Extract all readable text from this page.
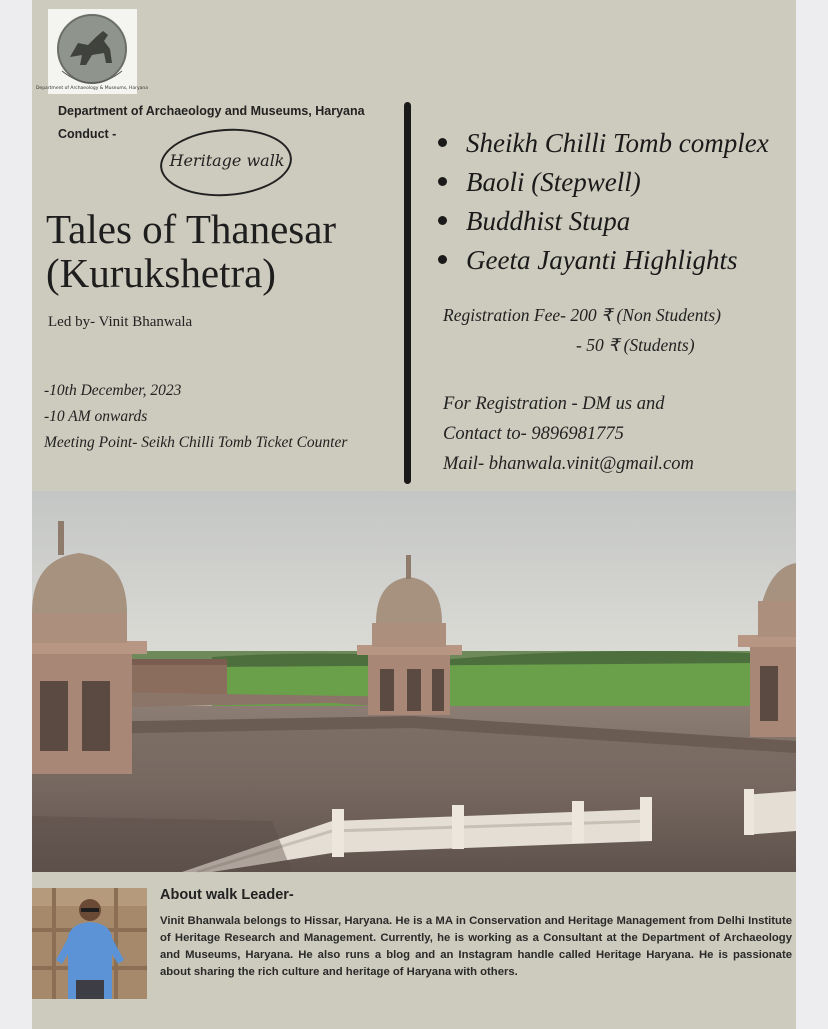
Department of Archaeology & Museums, Haryana
Department of Archaeology and Museums, Haryana
Conduct -
Heritage walk
Tales of Thanesar
(Kurukshetra)
Led by- Vinit Bhanwala
-10th December, 2023
-10 AM onwards
Meeting Point- Seikh Chilli Tomb Ticket Counter
Sheikh Chilli Tomb complex
Baoli (Stepwell)
Buddhist Stupa
Geeta Jayanti Highlights
Registration Fee- 200 ₹ (Non Students)
- 50 ₹ (Students)
For Registration - DM us and
Contact to- 9896981775
Mail- bhanwala.vinit@gmail.com
About walk Leader-
Vinit Bhanwala belongs to Hissar, Haryana. He is a MA in Conservation and Heritage Management from Delhi Institute of Heritage Research and Management. Currently, he is working as a Consultant at the Department of Archaeology and Museums, Haryana. He also runs a blog and an Instagram handle called Heritage Haryana. He is passionate about sharing the rich culture and heritage of Haryana with others.
